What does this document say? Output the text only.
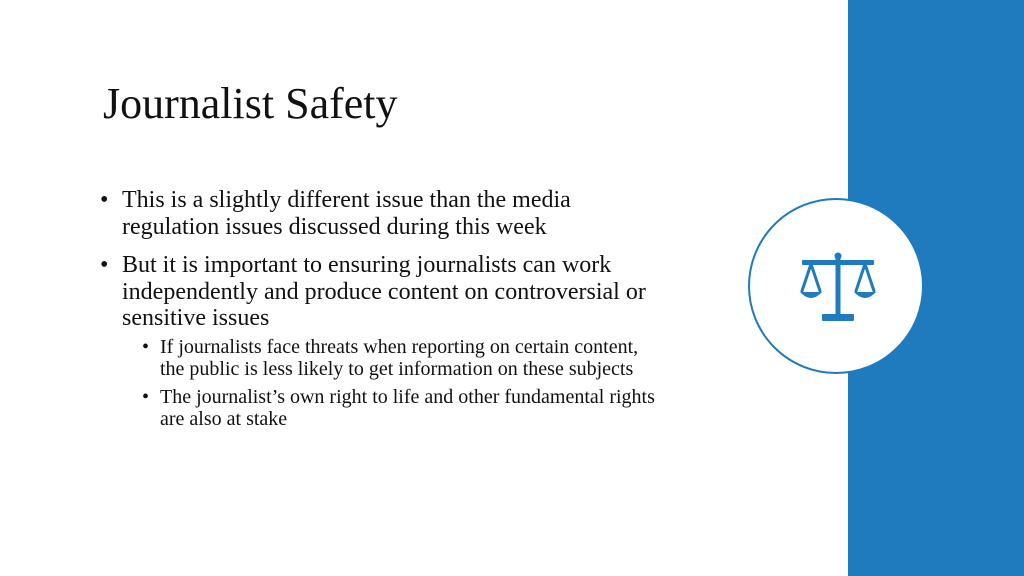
Journalist Safety
• This is a slightly different issue than the media regulation issues discussed during this week
• But it is important to ensuring journalists can work independently and produce content on controversial or sensitive issues
• If journalists face threats when reporting on certain content, the public is less likely to get information on these subjects
• The journalist’s own right to life and other fundamental rights are also at stake
